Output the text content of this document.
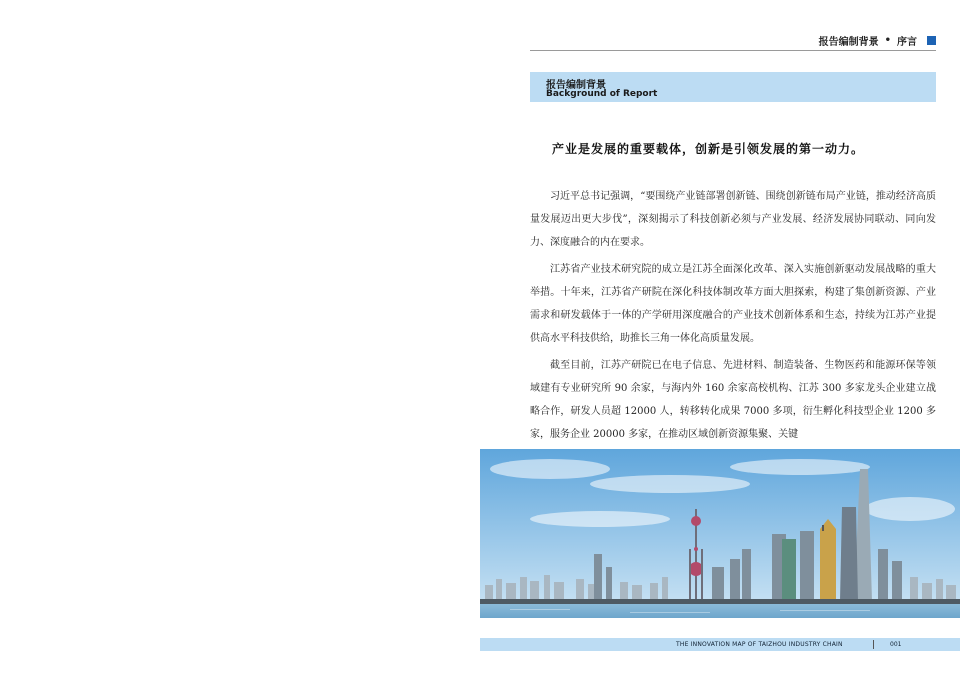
报告编制背景 • 序言
报告编制背景
Background of Report
产业是发展的重要载体，创新是引领发展的第一动力。

习近平总书记强调，“要围绕产业链部署创新链、围绕创新链布局产业链，推动经济高质量发展迈出更大步伐”，深刻揭示了科技创新必须与产业发展、经济发展协同联动、同向发力、深度融合的内在要求。

江苏省产业技术研究院的成立是江苏全面深化改革、深入实施创新驱动发展战略的重大举措。十年来，江苏省产研院在深化科技体制改革方面大胆探索，构建了集创新资源、产业需求和研发载体于一体的产学研用深度融合的产业技术创新体系和生态，持续为江苏产业提供高水平科技供给，助推长三角一体化高质量发展。

截至目前，江苏产研院已在电子信息、先进材料、制造装备、生物医药和能源环保等领域建有专业研究所 90 余家，与海内外 160 余家高校机构、江苏 300 多家龙头企业建立战略合作，研发人员超 12000 人，转移转化成果 7000 多项，衍生孵化科技型企业 1200 多家，服务企业 20000 多家，在推动区域创新资源集聚、关键

THE INNOVATION MAP OF TAIZHOU INDUSTRY CHAIN	001
